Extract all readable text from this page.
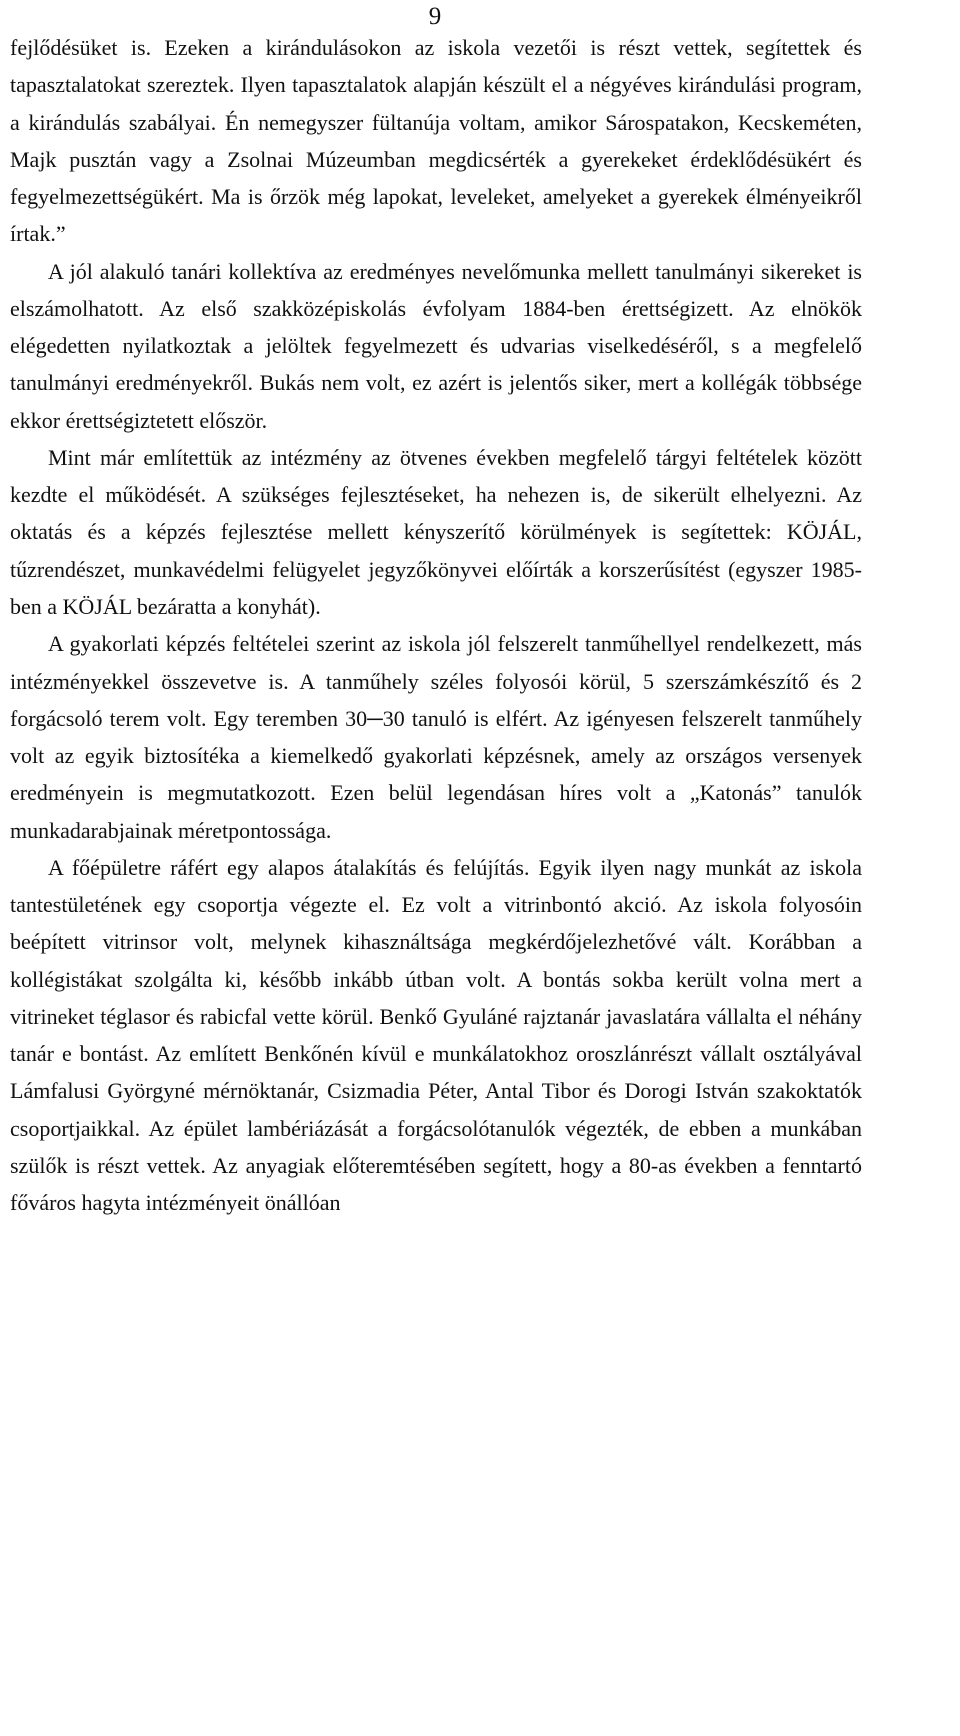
9

fejlődésüket is. Ezeken a kirándulásokon az iskola vezetői is részt vettek, segítettek és tapasztalatokat szereztek. Ilyen tapasztalatok alapján készült el a négyéves kirándulási program, a kirándulás szabályai. Én nemegyszer fültanúja voltam, amikor Sárospatakon, Kecskeméten, Majk pusztán vagy a Zsolnai Múzeumban megdicsérték a gyerekeket érdeklődésükért és fegyelmezettségükért. Ma is őrzök még lapokat, leveleket, amelyeket a gyerekek élményeikről írtak.”

A jól alakuló tanári kollektíva az eredményes nevelőmunka mellett tanulmányi sikereket is elszámolhatott. Az első szakközépiskolás évfolyam 1884-ben érettségizett. Az elnökök elégedetten nyilatkoztak a jelöltek fegyelmezett és udvarias viselkedéséről, s a megfelelő tanulmányi eredményekről. Bukás nem volt, ez azért is jelentős siker, mert a kollégák többsége ekkor érettségiztetett először.

Mint már említettük az intézmény az ötvenes években megfelelő tárgyi feltételek között kezdte el működését. A szükséges fejlesztéseket, ha nehezen is, de sikerült elhelyezni. Az oktatás és a képzés fejlesztése mellett kényszerítő körülmények is segítettek: KÖJÁL, tűzrendészet, munkavédelmi felügyelet jegyzőkönyvei előírták a korszerűsítést (egyszer 1985-ben a KÖJÁL bezáratta a konyhát).

A gyakorlati képzés feltételei szerint az iskola jól felszerelt tanműhellyel rendelkezett, más intézményekkel összevetve is. A tanműhely széles folyosói körül, 5 szerszámkészítő és 2 forgácsoló terem volt. Egy teremben 30─30 tanuló is elfért. Az igényesen felszerelt tanműhely volt az egyik biztosítéka a kiemelkedő gyakorlati képzésnek, amely az országos versenyek eredményein is megmutatkozott. Ezen belül legendásan híres volt a „Katonás” tanulók munkadarabjainak méretpontossága.

A főépületre ráfért egy alapos átalakítás és felújítás. Egyik ilyen nagy munkát az iskola tantestületének egy csoportja végezte el. Ez volt a vitrinbontó akció. Az iskola folyosóin beépített vitrinsor volt, melynek kihasználtsága megkérdőjelezhetővé vált. Korábban a kollégistákat szolgálta ki, később inkább útban volt. A bontás sokba került volna mert a vitrineket téglasor és rabicfal vette körül. Benkő Gyuláné rajztanár javaslatára vállalta el néhány tanár e bontást. Az említett Benkőnén kívül e munkálatokhoz oroszlánrészt vállalt osztályával Lámfalusi Györgyné mérnöktanár, Csizmadia Péter, Antal Tibor és Dorogi István szakoktatók csoportjaikkal. Az épület lambériázását a forgácsolótanulók végezték, de ebben a munkában szülők is részt vettek. Az anyagiak előteremtésében segített, hogy a 80-as években a fenntartó főváros hagyta intézményeit önállóan
